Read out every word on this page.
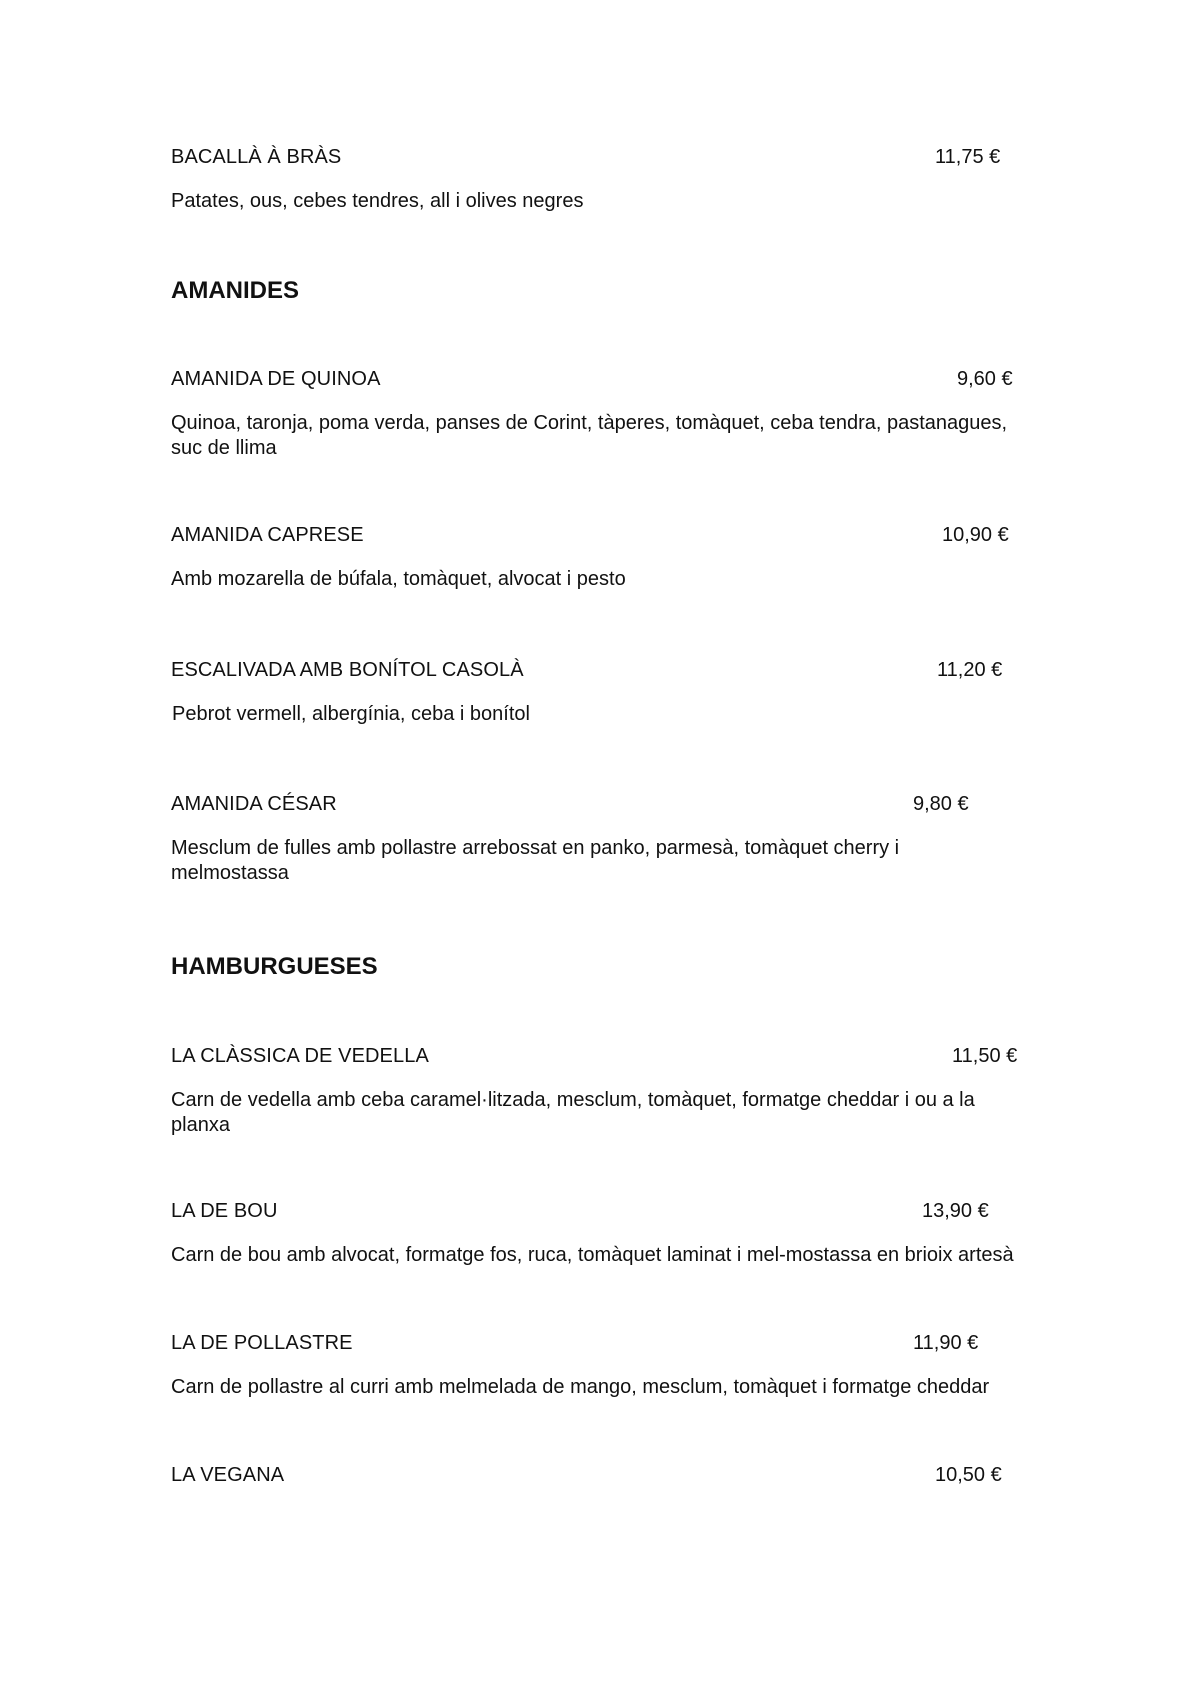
BACALLÀ À BRÀS	11,75 €
Patates, ous, cebes tendres, all i olives negres
AMANIDES
AMANIDA DE QUINOA	9,60 €
Quinoa, taronja, poma verda, panses de Corint, tàperes, tomàquet, ceba tendra, pastanagues, suc de llima
AMANIDA CAPRESE	10,90 €
Amb mozarella de búfala, tomàquet, alvocat i pesto
ESCALIVADA AMB BONÍTOL CASOLÀ	11,20 €
Pebrot vermell, albergínia, ceba i bonítol
AMANIDA CÉSAR	9,80 €
Mesclum de fulles amb pollastre arrebossat en panko, parmesà, tomàquet cherry i melmostassa
HAMBURGUESES
LA CLÀSSICA DE VEDELLA	11,50 €
Carn de vedella amb ceba caramel·litzada, mesclum, tomàquet, formatge cheddar i ou a la planxa
LA DE BOU	13,90 €
Carn de bou amb alvocat, formatge fos, ruca, tomàquet laminat i mel-mostassa en brioix artesà
LA DE POLLASTRE	11,90 €
Carn de pollastre al curri amb melmelada de mango, mesclum, tomàquet i formatge cheddar
LA VEGANA	10,50 €
